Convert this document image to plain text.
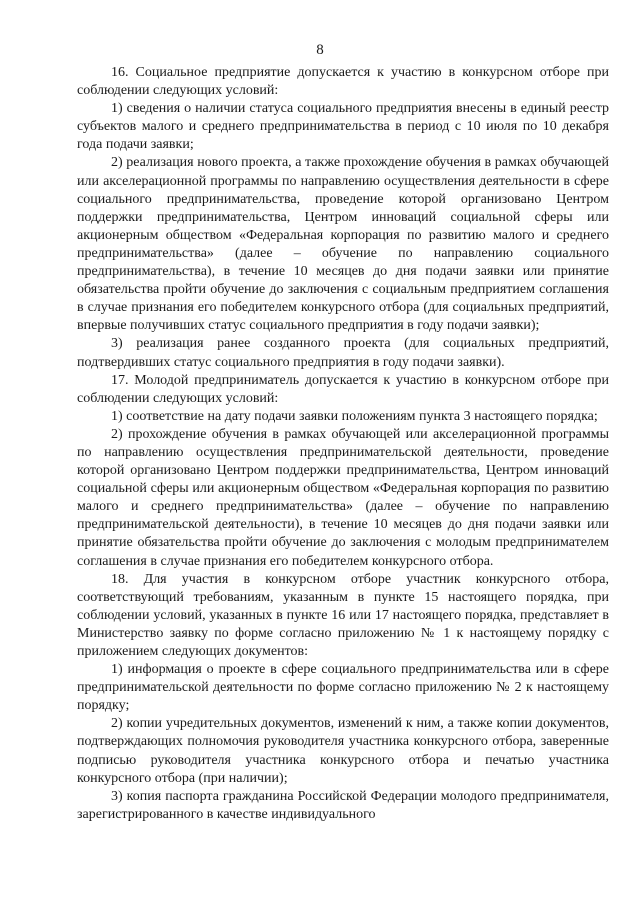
8

16. Социальное предприятие допускается к участию в конкурсном отборе при соблюдении следующих условий:

1) сведения о наличии статуса социального предприятия внесены в единый реестр субъектов малого и среднего предпринимательства в период с 10 июля по 10 декабря года подачи заявки;

2) реализация нового проекта, а также прохождение обучения в рамках обучающей или акселерационной программы по направлению осуществления деятельности в сфере социального предпринимательства, проведение которой организовано Центром поддержки предпринимательства, Центром инноваций социальной сферы или акционерным обществом «Федеральная корпорация по развитию малого и среднего предпринимательства» (далее – обучение по направлению социального предпринимательства), в течение 10 месяцев до дня подачи заявки или принятие обязательства пройти обучение до заключения с социальным предприятием соглашения в случае признания его победителем конкурсного отбора (для социальных предприятий, впервые получивших статус социального предприятия в году подачи заявки);

3) реализация ранее созданного проекта (для социальных предприятий, подтвердивших статус социального предприятия в году подачи заявки).

17. Молодой предприниматель допускается к участию в конкурсном отборе при соблюдении следующих условий:

1) соответствие на дату подачи заявки положениям пункта 3 настоящего порядка;

2) прохождение обучения в рамках обучающей или акселерационной программы по направлению осуществления предпринимательской деятельности, проведение которой организовано Центром поддержки предпринимательства, Центром инноваций социальной сферы или акционерным обществом «Федеральная корпорация по развитию малого и среднего предпринимательства» (далее – обучение по направлению предпринимательской деятельности), в течение 10 месяцев до дня подачи заявки или принятие обязательства пройти обучение до заключения с молодым предпринимателем соглашения в случае признания его победителем конкурсного отбора.

18. Для участия в конкурсном отборе участник конкурсного отбора, соответствующий требованиям, указанным в пункте 15 настоящего порядка, при соблюдении условий, указанных в пункте 16 или 17 настоящего порядка, представляет в Министерство заявку по форме согласно приложению № 1 к настоящему порядку с приложением следующих документов:

1) информация о проекте в сфере социального предпринимательства или в сфере предпринимательской деятельности по форме согласно приложению № 2 к настоящему порядку;

2) копии учредительных документов, изменений к ним, а также копии документов, подтверждающих полномочия руководителя участника конкурсного отбора, заверенные подписью руководителя участника конкурсного отбора и печатью участника конкурсного отбора (при наличии);

3) копия паспорта гражданина Российской Федерации молодого предпринимателя, зарегистрированного в качестве индивидуального
